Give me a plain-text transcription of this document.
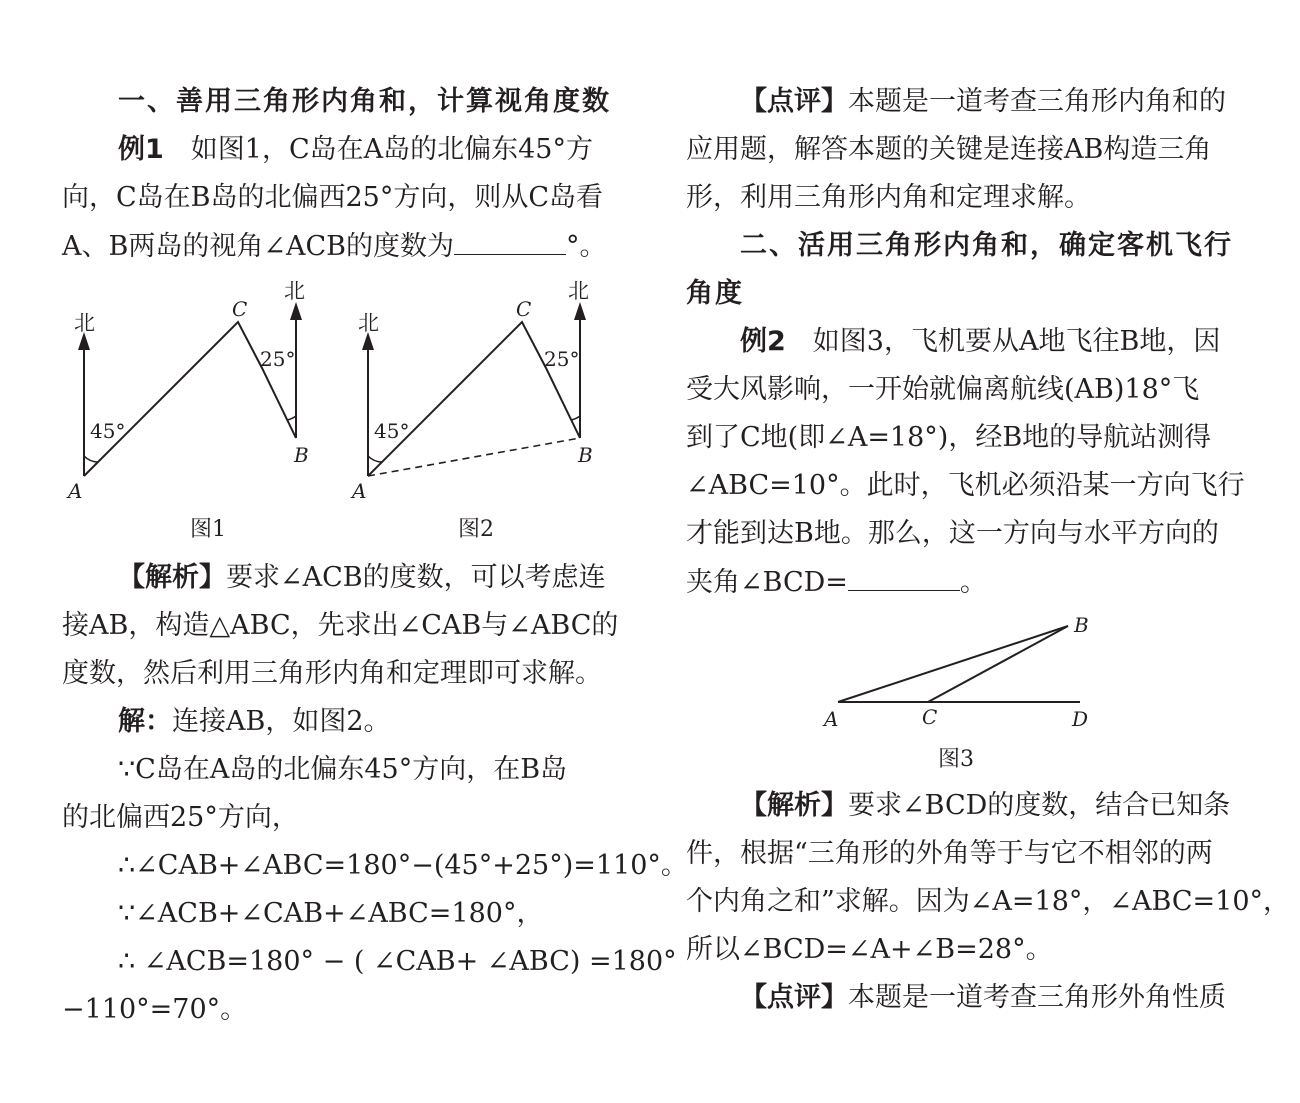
一、善用三角形内角和，计算视角度数
例1　如图1，C岛在A岛的北偏东45°方
向，C岛在B岛的北偏西25°方向，则从C岛看
A、B两岛的视角∠ACB的度数为	°。
北
北
45°
25°
A
B
C
北
北
45°
25°
A
B
C
图1	图2
【解析】要求∠ACB的度数，可以考虑连
接AB，构造△ABC，先求出∠CAB与∠ABC的
度数，然后利用三角形内角和定理即可求解。
解：连接AB，如图2。
∵C岛在A岛的北偏东45°方向，在B岛
的北偏西25°方向，
∴∠CAB+∠ABC=180°−(45°+25°)=110°。
∵∠ACB+∠CAB+∠ABC=180°，
∴ ∠ACB=180° − ( ∠CAB+ ∠ABC) =180°
−110°=70°。
【点评】本题是一道考查三角形内角和的
应用题，解答本题的关键是连接AB构造三角
形，利用三角形内角和定理求解。
二、活用三角形内角和，确定客机飞行
角度
例2　如图3，飞机要从A地飞往B地，因
受大风影响，一开始就偏离航线(AB)18°飞
到了C地(即∠A=18°)，经B地的导航站测得
∠ABC=10°。此时，飞机必须沿某一方向飞行
才能到达B地。那么，这一方向与水平方向的
夹角∠BCD=	。
A
B
C	D
图3
【解析】要求∠BCD的度数，结合已知条
件，根据“三角形的外角等于与它不相邻的两
个内角之和”求解。因为∠A=18°，∠ABC=10°，
所以∠BCD=∠A+∠B=28°。
【点评】本题是一道考查三角形外角性质
